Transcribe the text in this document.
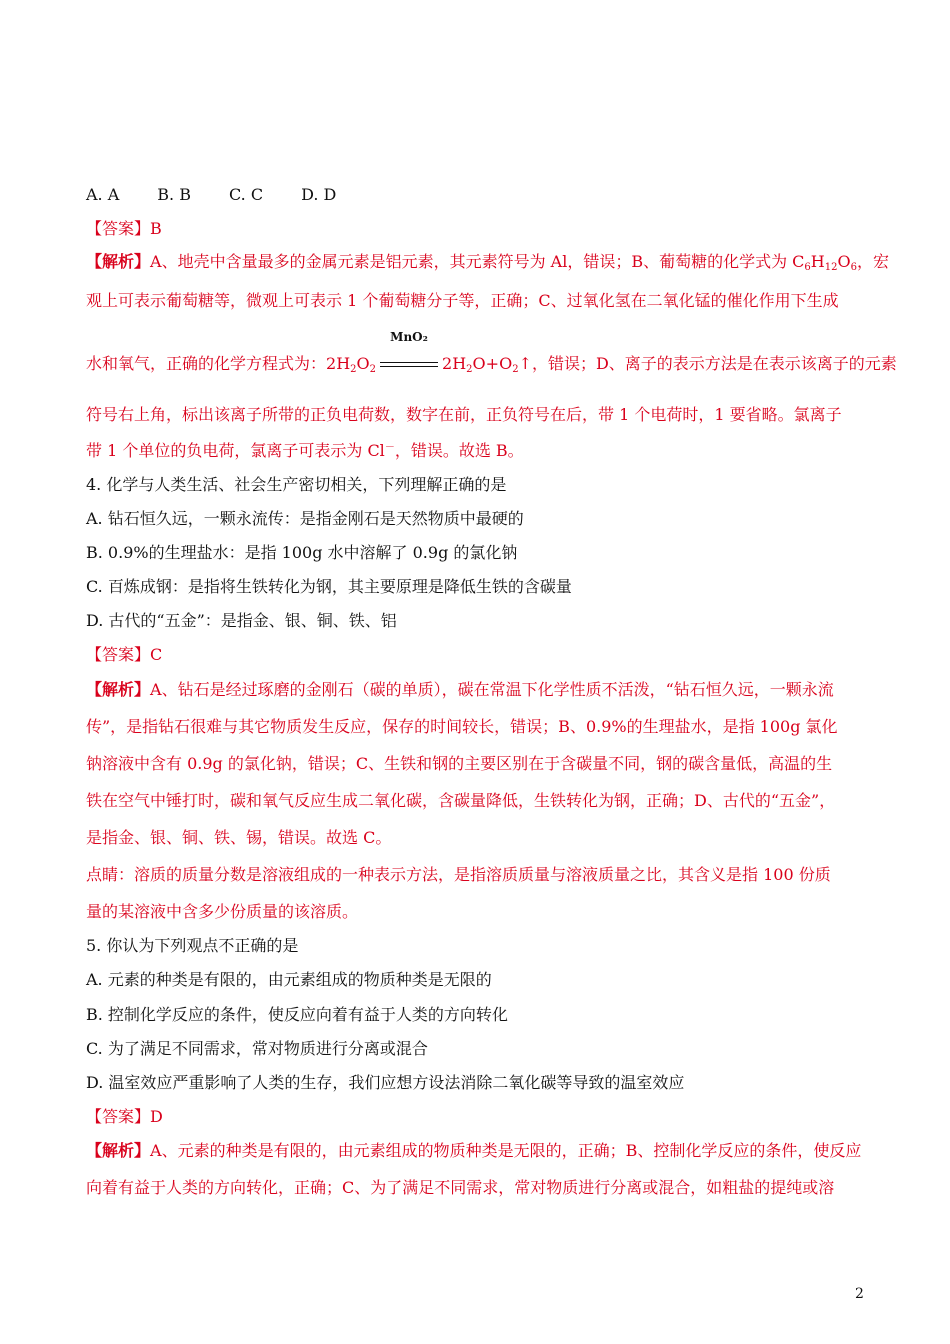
A. A B. B C. C D. D
【答案】B
【解析】A、地壳中含量最多的金属元素是铝元素，其元素符号为 Al，错误；B、葡萄糖的化学式为 $C_6H_{12}O_6$，宏
观上可表示葡萄糖等，微观上可表示 1 个葡萄糖分子等，正确；C、过氧化氢在二氧化锰的催化作用下生成
水和氧气，正确的化学方程式为：$2H_2O_2$
MnO₂
$2H_2O+O_2↑$，错误；D、离子的表示方法是在表示该离子的元素
符号右上角，标出该离子所带的正负电荷数，数字在前，正负符号在后，带 1 个电荷时，1 要省略。氯离子
带 1 个单位的负电荷，氯离子可表示为 Cl－，错误。故选 B。
4. 化学与人类生活、社会生产密切相关，下列理解正确的是
A. 钻石恒久远，一颗永流传：是指金刚石是天然物质中最硬的
B. 0.9%的生理盐水：是指 100g 水中溶解了 0.9g 的氯化钠
C. 百炼成钢：是指将生铁转化为钢，其主要原理是降低生铁的含碳量
D. 古代的“五金”：是指金、银、铜、铁、铝
【答案】C
【解析】A、钻石是经过琢磨的金刚石（碳的单质），碳在常温下化学性质不活泼，“钻石恒久远，一颗永流
传”，是指钻石很难与其它物质发生反应，保存的时间较长，错误；B、0.9%的生理盐水，是指 100g 氯化
钠溶液中含有 0.9g 的氯化钠，错误；C、生铁和钢的主要区别在于含碳量不同，钢的碳含量低，高温的生
铁在空气中锤打时，碳和氧气反应生成二氧化碳，含碳量降低，生铁转化为钢，正确；D、古代的“五金”，
是指金、银、铜、铁、锡，错误。故选 C。
点睛：溶质的质量分数是溶液组成的一种表示方法，是指溶质质量与溶液质量之比，其含义是指 100 份质
量的某溶液中含多少份质量的该溶质。
5. 你认为下列观点不正确的是
A. 元素的种类是有限的，由元素组成的物质种类是无限的
B. 控制化学反应的条件，使反应向着有益于人类的方向转化
C. 为了满足不同需求，常对物质进行分离或混合
D. 温室效应严重影响了人类的生存，我们应想方设法消除二氧化碳等导致的温室效应
【答案】D
【解析】A、元素的种类是有限的，由元素组成的物质种类是无限的，正确；B、控制化学反应的条件，使反应
向着有益于人类的方向转化，正确；C、为了满足不同需求，常对物质进行分离或混合，如粗盐的提纯或溶
2
